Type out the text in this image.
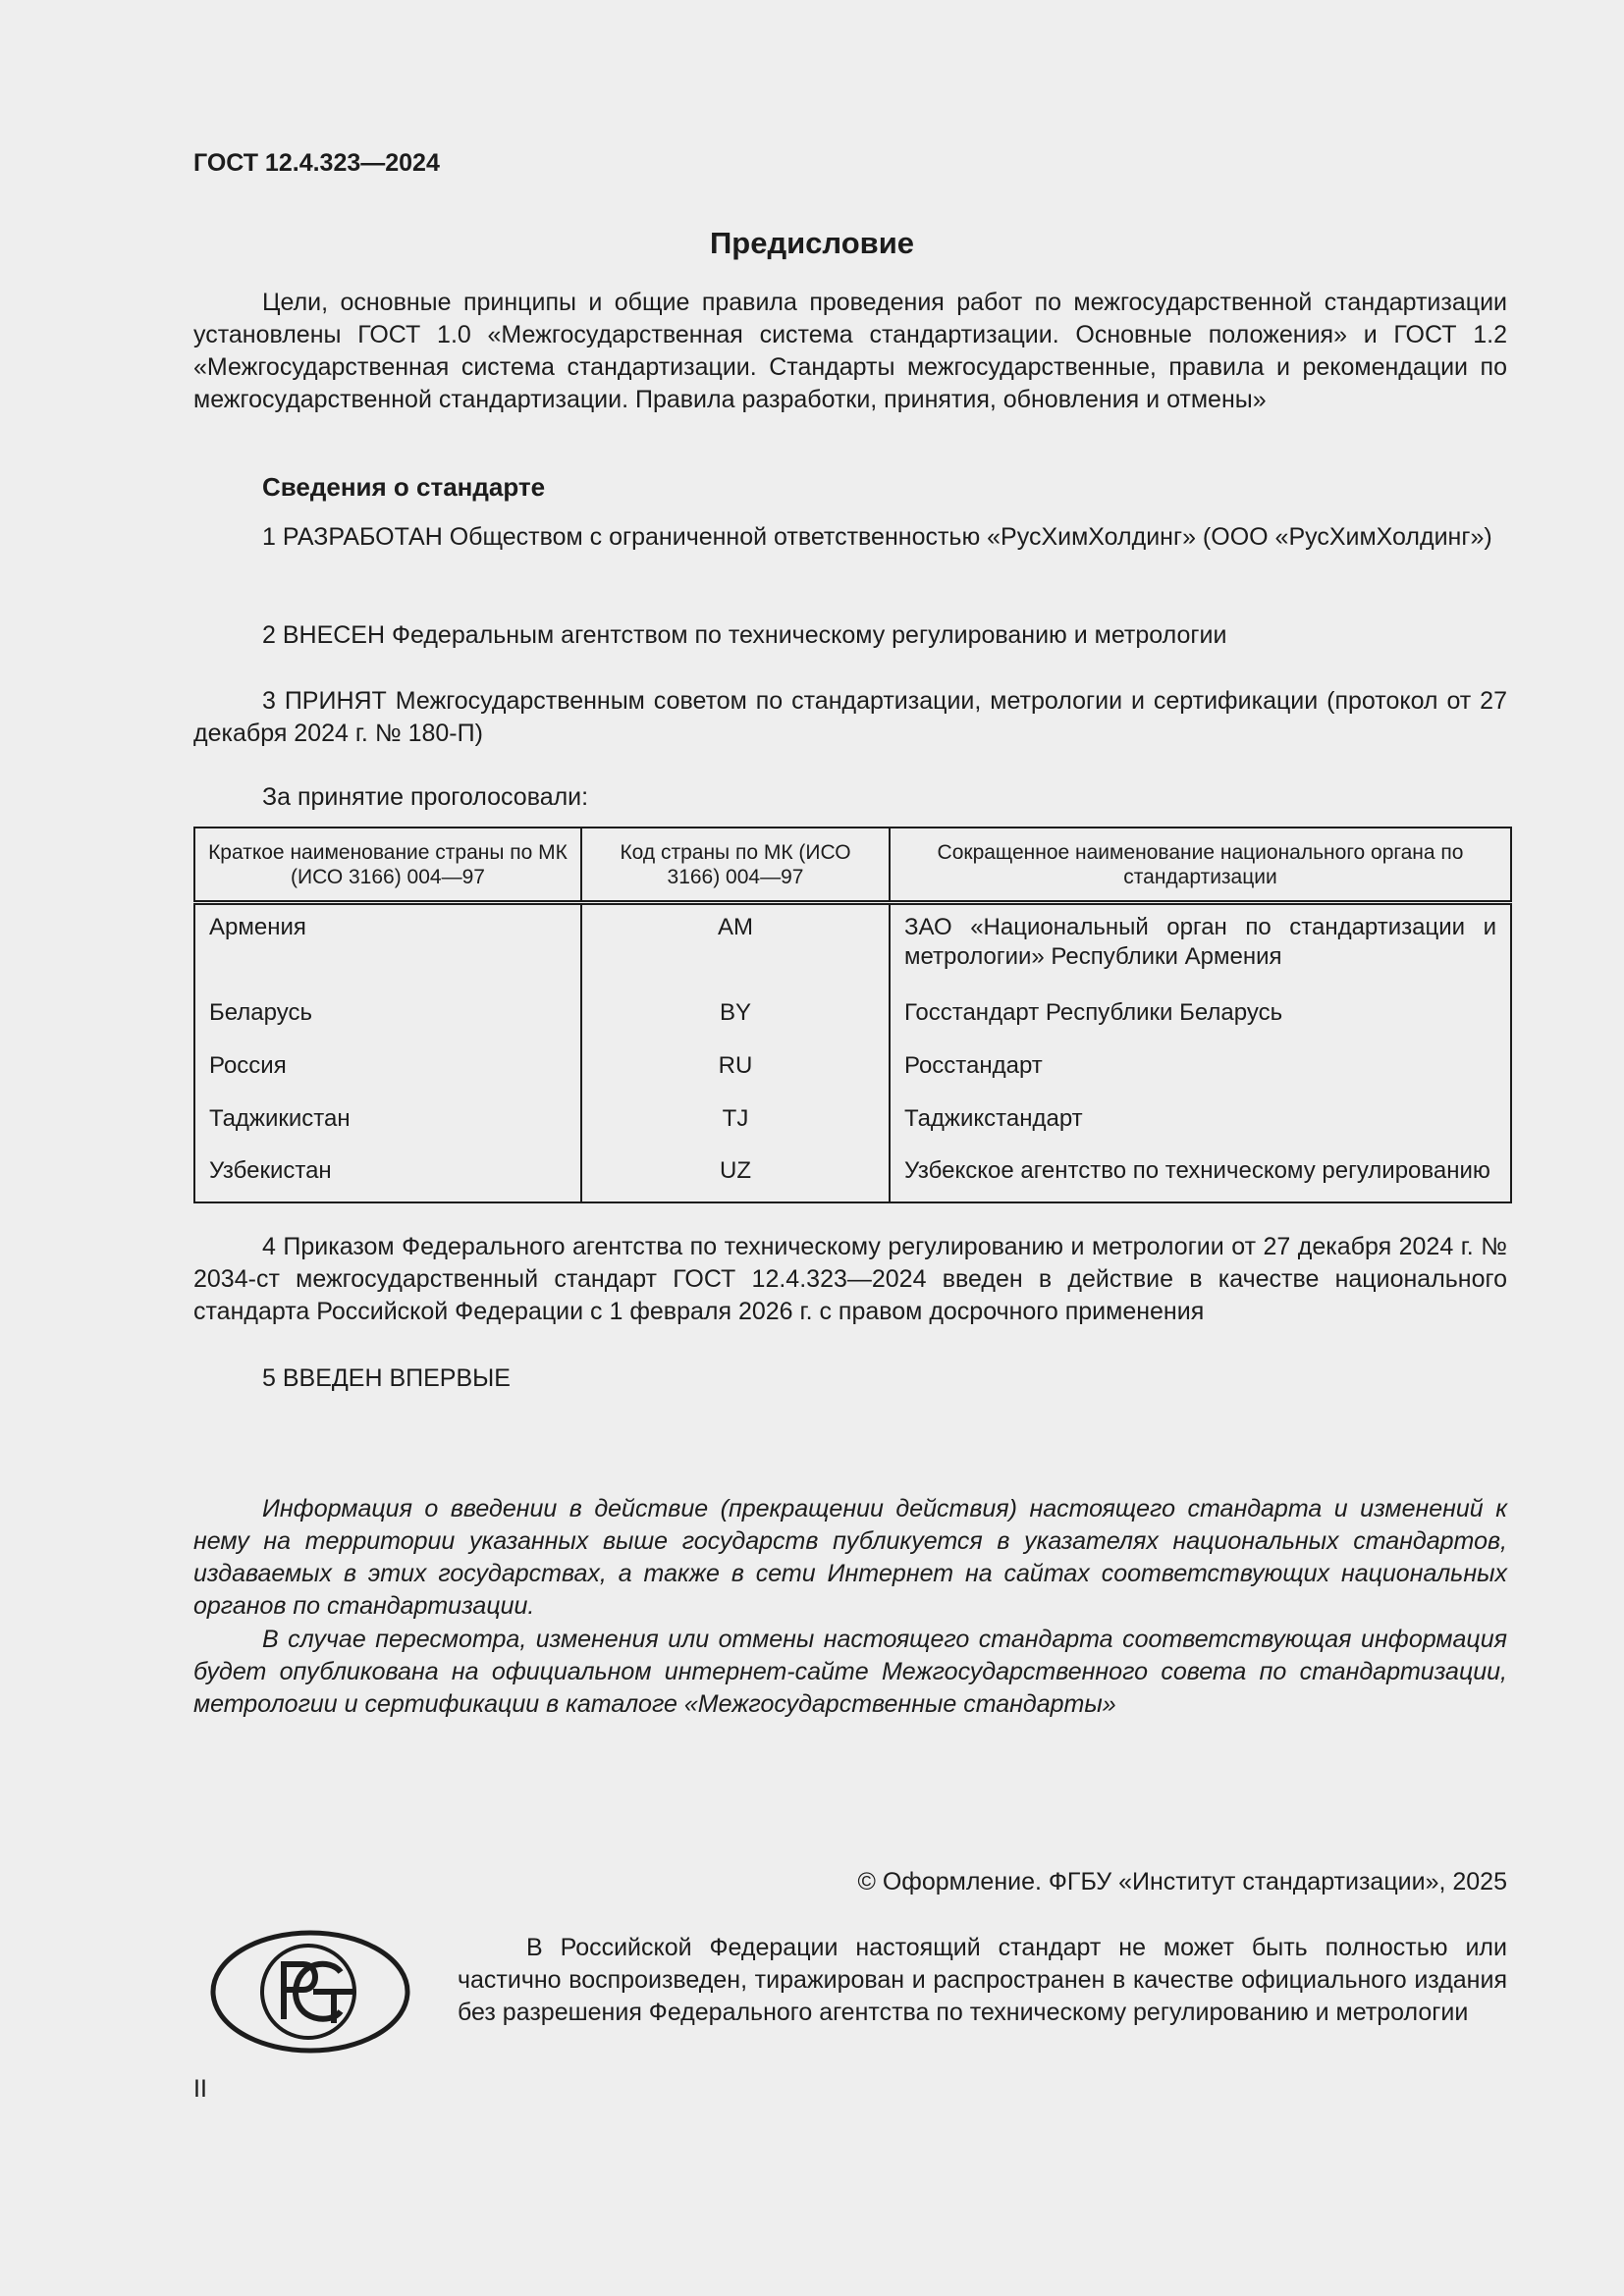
ГОСТ 12.4.323—2024
Предисловие
Цели, основные принципы и общие правила проведения работ по межгосударственной стандартизации установлены ГОСТ 1.0 «Межгосударственная система стандартизации. Основные положения» и ГОСТ 1.2 «Межгосударственная система стандартизации. Стандарты межгосударственные, правила и рекомендации по межгосударственной стандартизации. Правила разработки, принятия, обновления и отмены»
Сведения о стандарте
1 РАЗРАБОТАН Обществом с ограниченной ответственностью «РусХимХолдинг» (ООО «РусХимХолдинг»)
2 ВНЕСЕН Федеральным агентством по техническому регулированию и метрологии
3 ПРИНЯТ Межгосударственным советом по стандартизации, метрологии и сертификации (протокол от 27 декабря 2024 г. № 180-П)
За принятие проголосовали:
Краткое наименование страны по МК (ИСО 3166) 004—97	Код страны по МК (ИСО 3166) 004—97	Сокращенное наименование национального органа по стандартизации
Армения	AM	ЗАО «Национальный орган по стандартизации и метрологии» Республики Армения
Беларусь	BY	Госстандарт Республики Беларусь
Россия	RU	Росстандарт
Таджикистан	TJ	Таджикстандарт
Узбекистан	UZ	Узбекское агентство по техническому регулированию
4 Приказом Федерального агентства по техническому регулированию и метрологии от 27 декабря 2024 г. № 2034-ст межгосударственный стандарт ГОСТ 12.4.323—2024 введен в действие в качестве национального стандарта Российской Федерации с 1 февраля 2026 г. с правом досрочного применения
5 ВВЕДЕН ВПЕРВЫЕ
Информация о введении в действие (прекращении действия) настоящего стандарта и изменений к нему на территории указанных выше государств публикуется в указателях национальных стандартов, издаваемых в этих государствах, а также в сети Интернет на сайтах соответствующих национальных органов по стандартизации.
В случае пересмотра, изменения или отмены настоящего стандарта соответствующая информация будет опубликована на официальном интернет-сайте Межгосударственного совета по стандартизации, метрологии и сертификации в каталоге «Межгосударственные стандарты»
© Оформление. ФГБУ «Институт стандартизации», 2025
В Российской Федерации настоящий стандарт не может быть полностью или частично воспроизведен, тиражирован и распространен в качестве официального издания без разрешения Федерального агентства по техническому регулированию и метрологии
II
